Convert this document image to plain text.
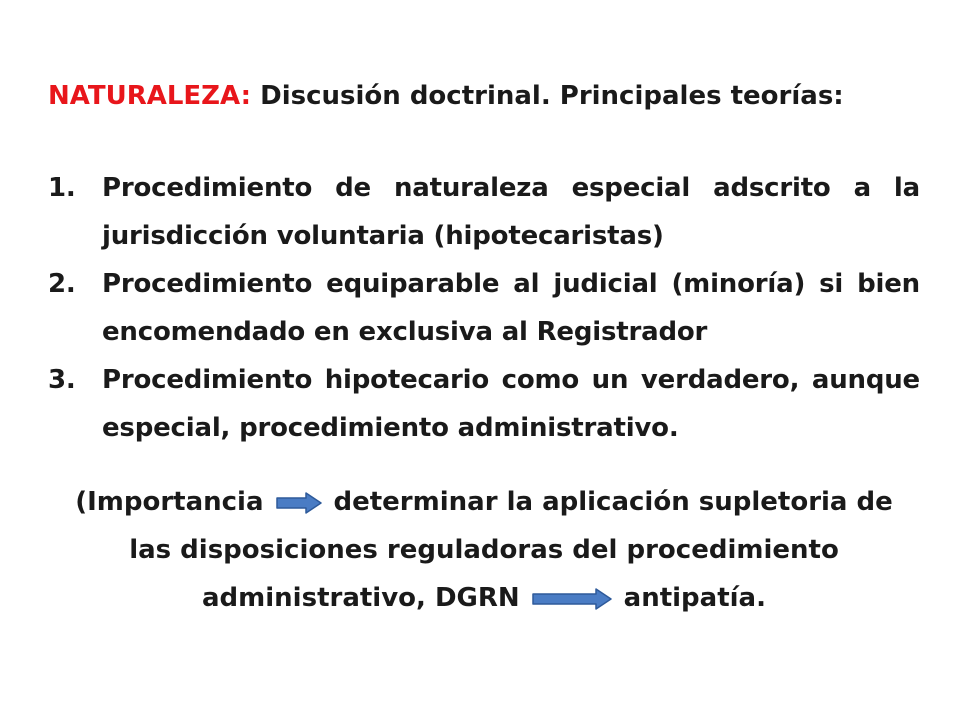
NATURALEZA: Discusión doctrinal. Principales teorías:
1. Procedimiento de naturaleza especial adscrito a la jurisdicción voluntaria (hipotecaristas)
2. Procedimiento equiparable al judicial (minoría) si bien encomendado en exclusiva al Registrador
3. Procedimiento hipotecario como un verdadero, aunque especial, procedimiento administrativo.
(Importancia	determinar la aplicación supletoria de
las disposiciones reguladoras del procedimiento
administrativo, DGRN	antipatía.
